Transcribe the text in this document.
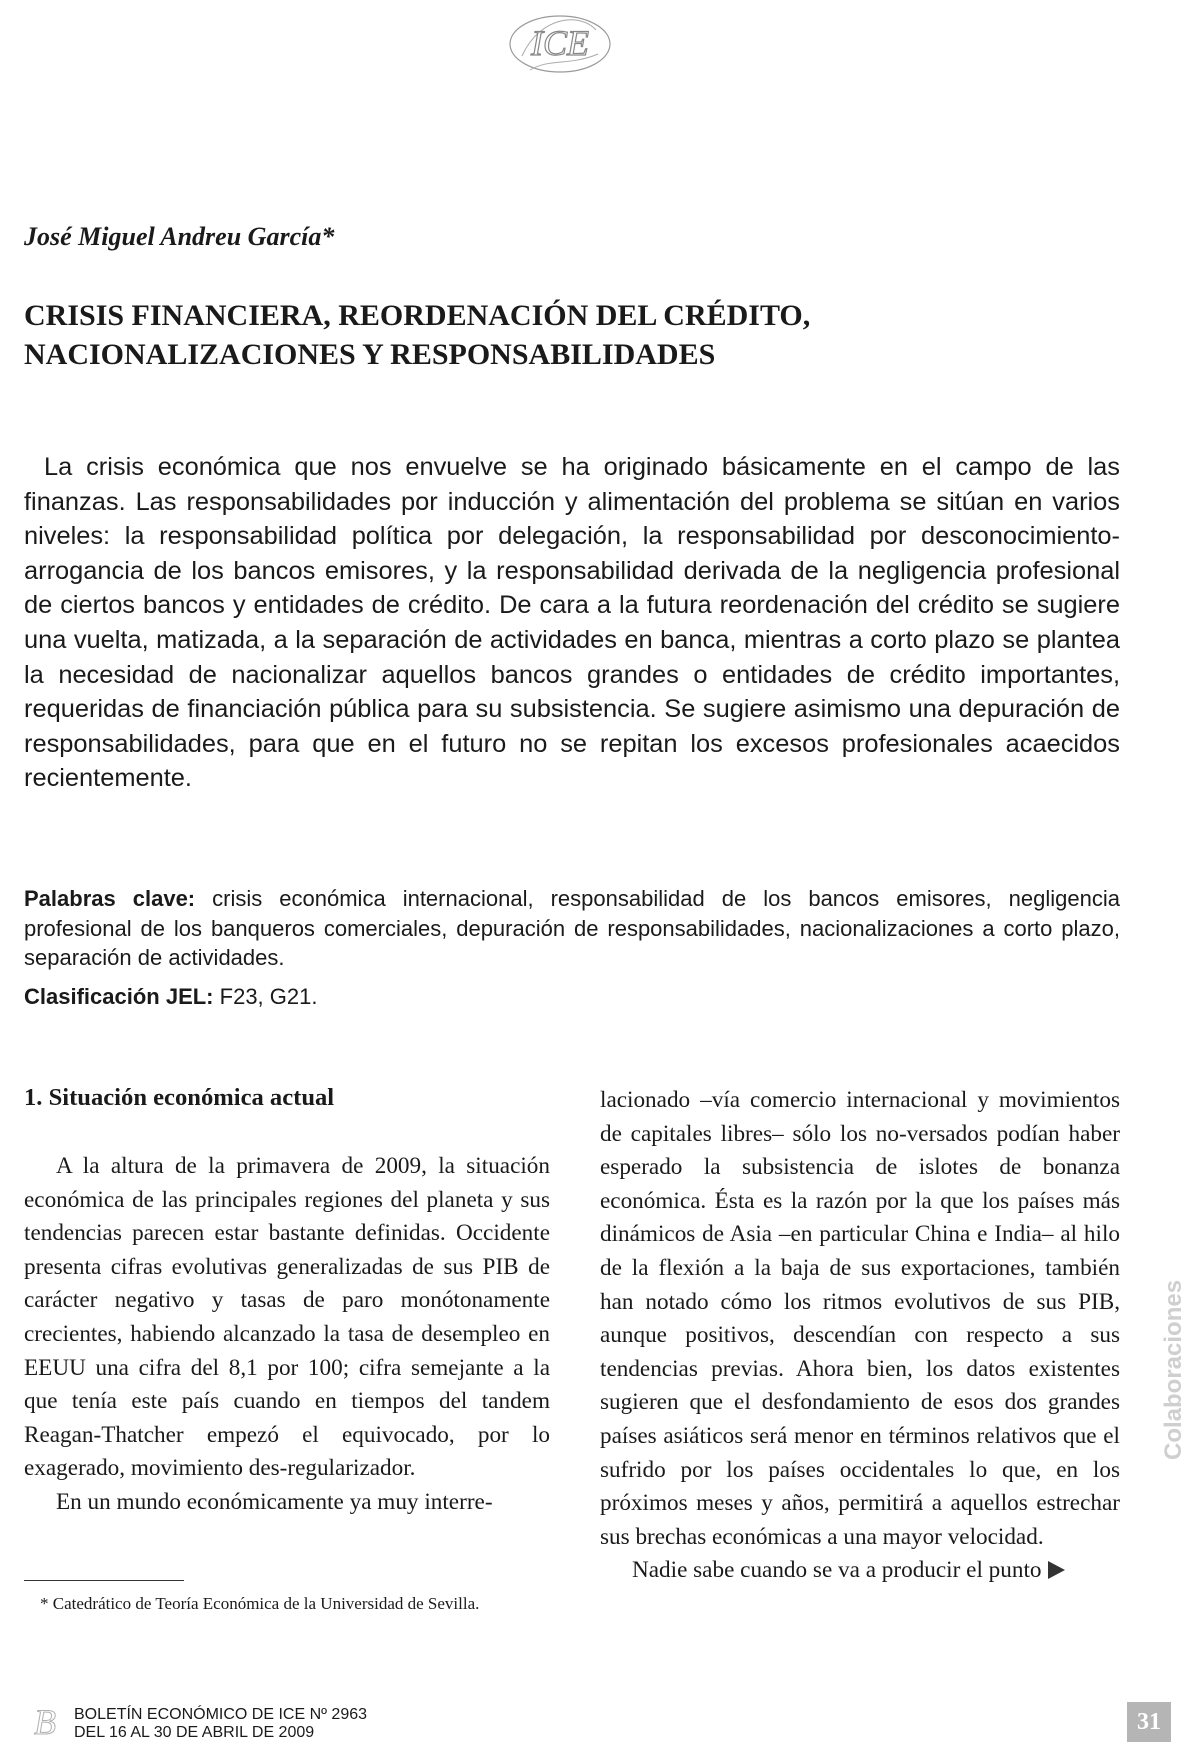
ICE
José Miguel Andreu García*
CRISIS FINANCIERA, REORDENACIÓN DEL CRÉDITO,
NACIONALIZACIONES Y RESPONSABILIDADES

La crisis económica que nos envuelve se ha originado básicamente en el campo de las finanzas. Las responsabilidades por inducción y alimentación del problema se sitúan en varios niveles: la responsabilidad política por delegación, la responsabilidad por desconocimiento-arrogancia de los bancos emisores, y la responsabilidad derivada de la negligencia profesional de ciertos bancos y entidades de crédito. De cara a la futura reordenación del crédito se sugiere una vuelta, matizada, a la separación de actividades en banca, mientras a corto plazo se plantea la necesidad de nacionalizar aquellos bancos grandes o entidades de crédito importantes, requeridas de financiación pública para su subsistencia. Se sugiere asimismo una depuración de responsabilidades, para que en el futuro no se repitan los excesos profesionales acaecidos recientemente.

Palabras clave: crisis económica internacional, responsabilidad de los bancos emisores, negligencia profesional de los banqueros comerciales, depuración de responsabilidades, nacionalizaciones a corto plazo, separación de actividades.

Clasificación JEL: F23, G21.

1. Situación económica actual

A la altura de la primavera de 2009, la situación económica de las principales regiones del planeta y sus tendencias parecen estar bastante definidas. Occidente presenta cifras evolutivas generalizadas de sus PIB de carácter negativo y tasas de paro monótonamente crecientes, habiendo alcanzado la tasa de desempleo en EEUU una cifra del 8,1 por 100; cifra semejante a la que tenía este país cuando en tiempos del tandem Reagan-Thatcher empezó el equivocado, por lo exagerado, movimiento des-regularizador.

En un mundo económicamente ya muy interre-

lacionado –vía comercio internacional y movimientos de capitales libres– sólo los no-versados podían haber esperado la subsistencia de islotes de bonanza económica. Ésta es la razón por la que los países más dinámicos de Asia –en particular China e India– al hilo de la flexión a la baja de sus exportaciones, también han notado cómo los ritmos evolutivos de sus PIB, aunque positivos, descendían con respecto a sus tendencias previas. Ahora bien, los datos existentes sugieren que el desfondamiento de esos dos grandes países asiáticos será menor en términos relativos que el sufrido por los países occidentales lo que, en los próximos meses y años, permitirá a aquellos estrechar sus brechas económicas a una mayor velocidad.

Nadie sabe cuando se va a producir el punto

* Catedrático de Teoría Económica de la Universidad de Sevilla.

Colaboraciones
B BOLETÍN ECONÓMICO DE ICE Nº 2963
DEL 16 AL 30 DE ABRIL DE 2009	31
